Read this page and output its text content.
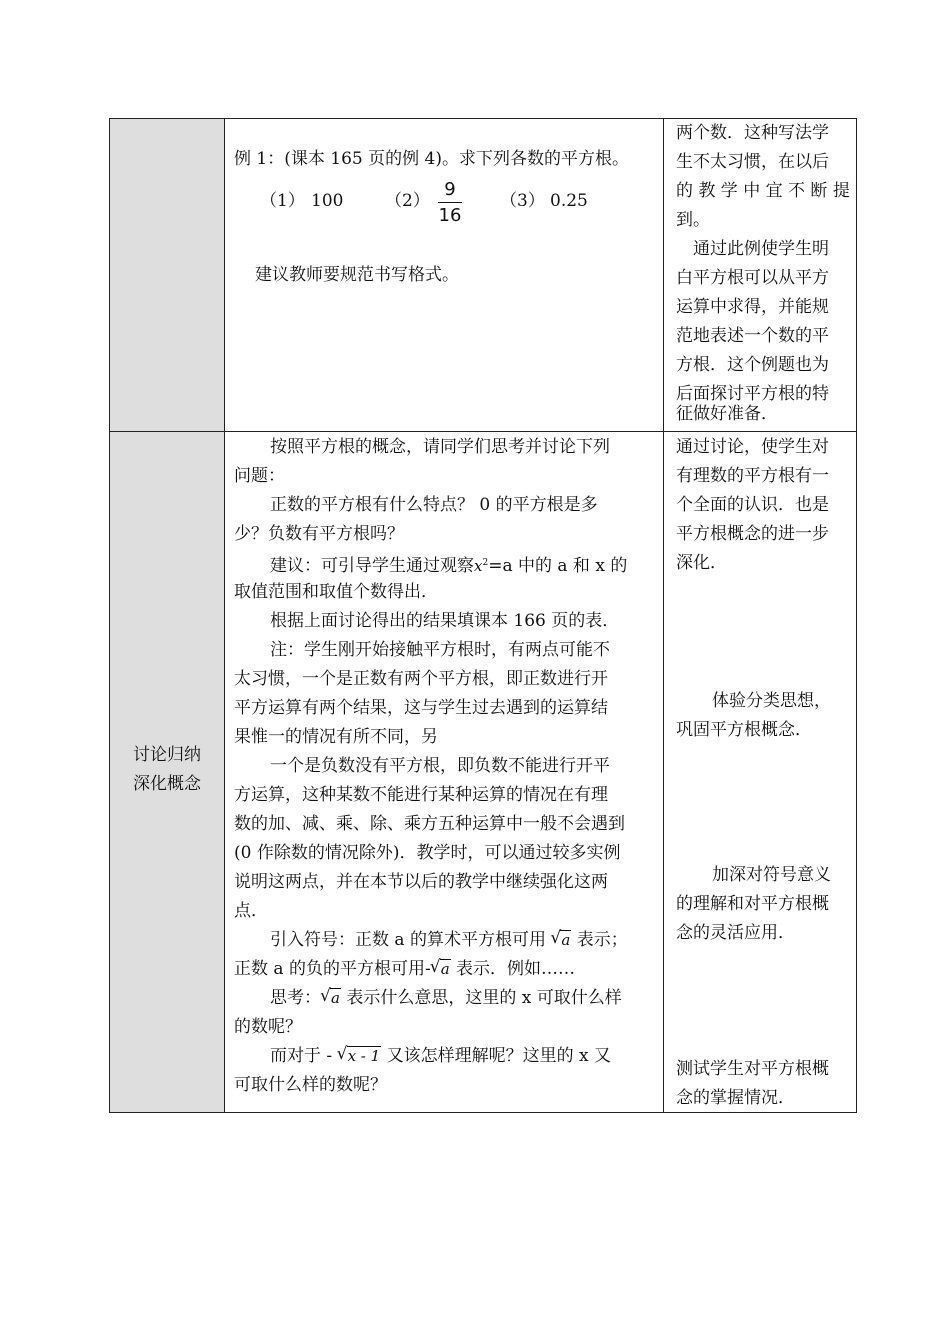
例 1：(课本 165 页的例 4)。求下列各数的平方根。
（1） 100 （2）
9
16
（3） 0.25
建议教师要规范书写格式。
两个数．这种写法学
生不太习惯，在以后
的 教 学 中 宜 不 断 提
到。
通过此例使学生明
白平方根可以从平方
运算中求得，并能规
范地表述一个数的平
方根．这个例题也为
后面探讨平方根的特
征做好准备．
讨论归纳
深化概念
按照平方根的概念，请同学们思考并讨论下列
问题：
正数的平方根有什么特点？ 0 的平方根是多
少？负数有平方根吗？
建议：可引导学生通过观察$x^2=a$ 中的 a 和 x 的
取值范围和取值个数得出．
根据上面讨论得出的结果填课本 166 页的表．
注：学生刚开始接触平方根时，有两点可能不
太习惯，一个是正数有两个平方根，即正数进行开
平方运算有两个结果，这与学生过去遇到的运算结
果惟一的情况有所不同，另
一个是负数没有平方根，即负数不能进行开平
方运算，这种某数不能进行某种运算的情况在有理
数的加、减、乘、除、乘方五种运算中一般不会遇到
(0 作除数的情况除外)．教学时，可以通过较多实例
说明这两点，并在本节以后的教学中继续强化这两
点．
引入符号：正数 a 的算术平方根可用 √ a 表示；
正数 a 的负的平方根可用- √ a 表示．例如……
思考： √ a 表示什么意思，这里的 x 可取什么样
的数呢？
而对于 - √ x - 1 又该怎样理解呢？这里的 x 又
可取什么样的数呢？
通过讨论，使学生对
有理数的平方根有一
个全面的认识．也是
平方根概念的进一步
深化．
体验分类思想，
巩固平方根概念．
加深对符号意义
的理解和对平方根概
念的灵活应用．
测试学生对平方根概
念的掌握情况．
